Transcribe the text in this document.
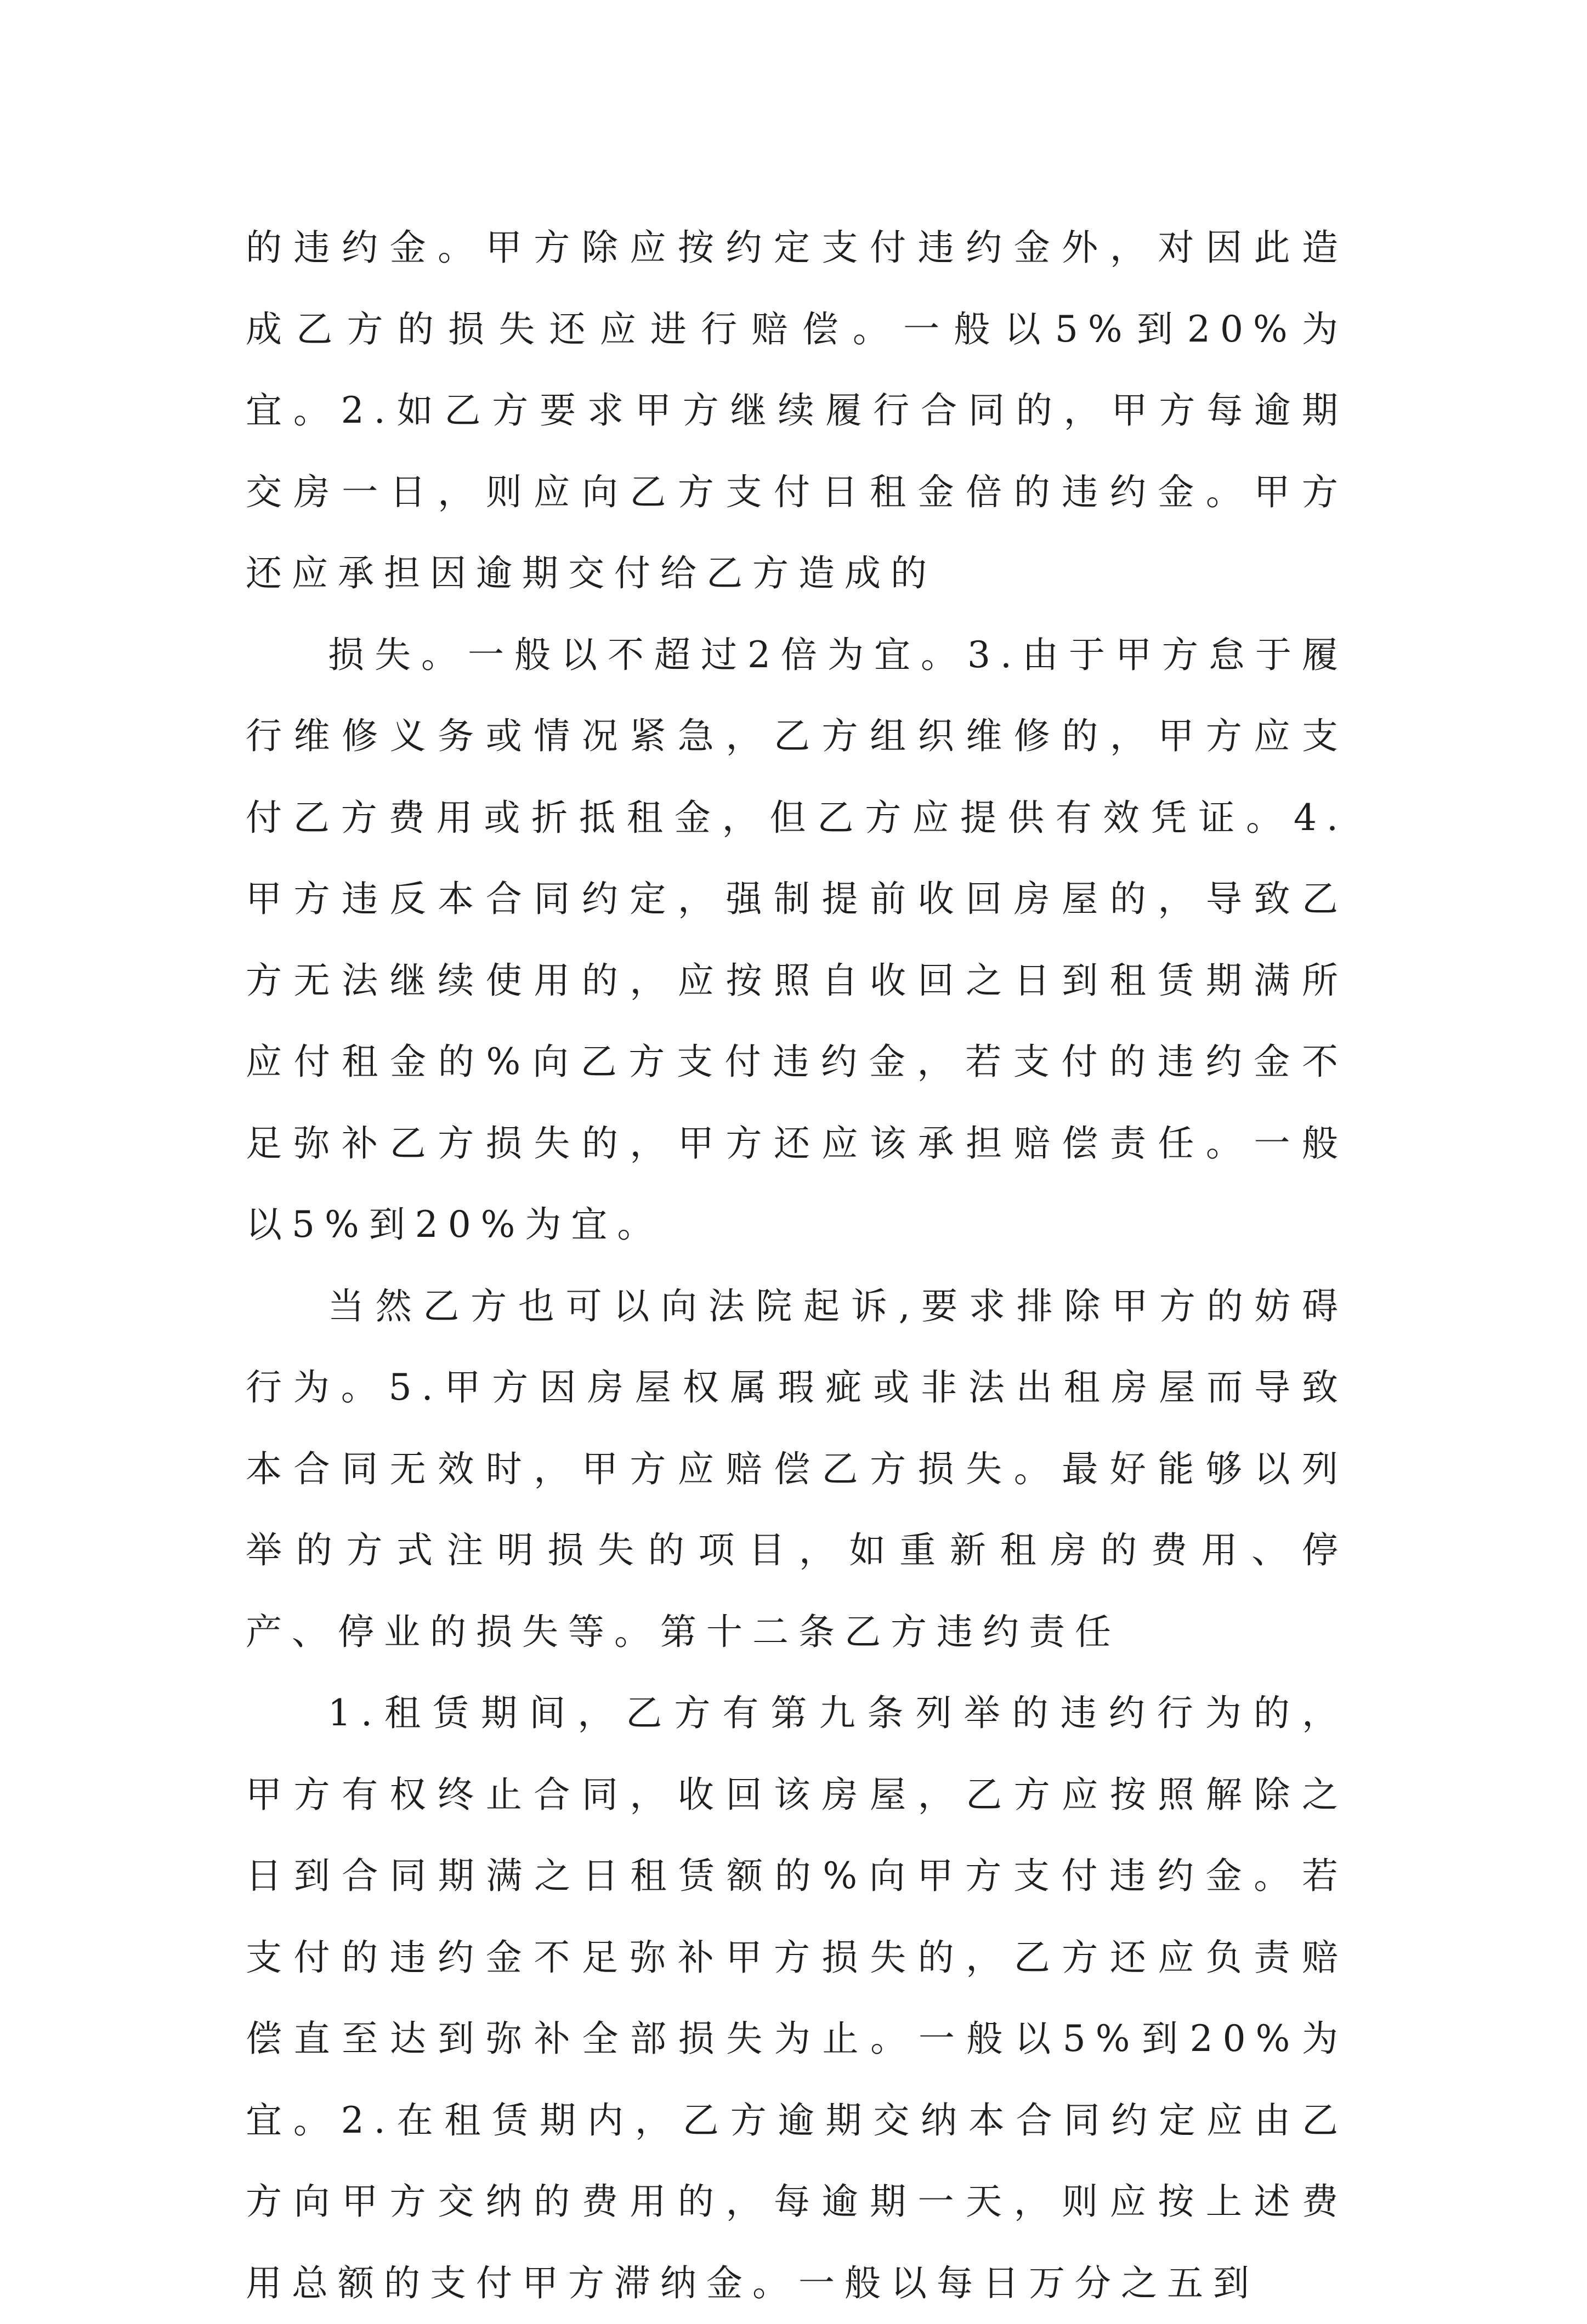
的违约金。甲方除应按约定支付违约金外，对因此造成乙方的损失还应进行赔偿。一般以5%到20%为宜。2.如乙方要求甲方继续履行合同的，甲方每逾期交房一日，则应向乙方支付日租金倍的违约金。甲方还应承担因逾期交付给乙方造成的

损失。一般以不超过2倍为宜。3.由于甲方怠于履行维修义务或情况紧急，乙方组织维修的，甲方应支付乙方费用或折抵租金，但乙方应提供有效凭证。4.甲方违反本合同约定，强制提前收回房屋的，导致乙方无法继续使用的，应按照自收回之日到租赁期满所应付租金的%向乙方支付违约金，若支付的违约金不足弥补乙方损失的，甲方还应该承担赔偿责任。一般以5%到20%为宜。

当然乙方也可以向法院起诉,要求排除甲方的妨碍行为。5.甲方因房屋权属瑕疵或非法出租房屋而导致本合同无效时，甲方应赔偿乙方损失。最好能够以列举的方式注明损失的项目，如重新租房的费用、停产、停业的损失等。第十二条乙方违约责任

1.租赁期间，乙方有第九条列举的违约行为的，甲方有权终止合同，收回该房屋，乙方应按照解除之日到合同期满之日租赁额的%向甲方支付违约金。若支付的违约金不足弥补甲方损失的，乙方还应负责赔偿直至达到弥补全部损失为止。一般以5%到20%为宜。2.在租赁期内，乙方逾期交纳本合同约定应由乙方向甲方交纳的费用的，每逾期一天，则应按上述费用总额的支付甲方滞纳金。一般以每日万分之五到
